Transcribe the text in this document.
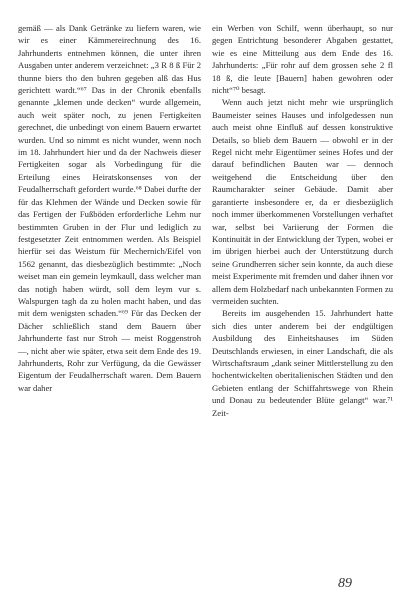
gemäß — als Dank Getränke zu liefern waren, wie wir es einer Kämmereirechnung des 16. Jahrhunderts entnehmen können, die unter ihren Ausgaben unter anderem verzeichnet: „3 R 8 ß Für 2 thunne biers tho den buhren gegeben alß das Hus gerichtett wardt.“⁶⁷ Das in der Chronik ebenfalls genannte „klemen unde decken“ wurde allgemein, auch weit später noch, zu jenen Fertigkeiten gerechnet, die unbedingt von einem Bauern erwartet wurden. Und so nimmt es nicht wunder, wenn noch im 18. Jahrhundert hier und da der Nachweis dieser Fertigkeiten sogar als Vorbedingung für die Erteilung eines Heiratskonsenses von der Feudalherrschaft gefordert wurde.⁶⁸ Dabei durfte der für das Klehmen der Wände und Decken sowie für das Fertigen der Fußböden erforderliche Lehm nur bestimmten Gruben in der Flur und lediglich zu festgesetzter Zeit entnommen werden. Als Beispiel hierfür sei das Weistum für Mechernich/Eifel von 1562 genannt, das diesbezüglich bestimmte: „Noch weiset man ein gemein leymkaull, dass welcher man das notigh haben würdt, soll dem leym vur s. Walspurgen tagh da zu holen macht haben, und das mit dem wenigsten schaden.“⁶⁹ Für das Decken der Dächer schließlich stand dem Bauern über Jahrhunderte fast nur Stroh — meist Roggenstroh —, nicht aber wie später, etwa seit dem Ende des 19. Jahrhunderts, Rohr zur Verfügung, da die Gewässer Eigentum der Feudalherrschaft waren. Dem Bauern war daher

ein Werben von Schilf, wenn überhaupt, so nur gegen Entrichtung besonderer Abgaben gestattet, wie es eine Mitteilung aus dem Ende des 16. Jahrhunderts: „Für rohr auf dem grossen sehe 2 fl 18 ß, die leute [Bauern] haben gewohren oder nicht“⁷⁰ besagt.

Wenn auch jetzt nicht mehr wie ursprünglich Baumeister seines Hauses und infolgedessen nun auch meist ohne Einfluß auf dessen konstruktive Details, so blieb dem Bauern — obwohl er in der Regel nicht mehr Eigentümer seines Hofes und der darauf befindlichen Bauten war — dennoch weitgehend die Entscheidung über den Raumcharakter seiner Gebäude. Damit aber garantierte insbesondere er, da er diesbezüglich noch immer überkommenen Vorstellungen verhaftet war, selbst bei Variierung der Formen die Kontinuität in der Entwicklung der Typen, wobei er im übrigen hierbei auch der Unterstützung durch seine Grundherren sicher sein konnte, da auch diese meist Experimente mit fremden und daher ihnen vor allem dem Holzbedarf nach unbekannten Formen zu vermeiden suchten.

Bereits im ausgehenden 15. Jahrhundert hatte sich dies unter anderem bei der endgültigen Ausbildung des Einheitshauses im Süden Deutschlands erwiesen, in einer Landschaft, die als Wirtschaftsraum „dank seiner Mittlerstellung zu den hochentwickelten oberitalienischen Städten und den Gebieten entlang der Schiffahrtswege von Rhein und Donau zu bedeutender Blüte gelangt“ war.⁷¹ Zeit-

89
